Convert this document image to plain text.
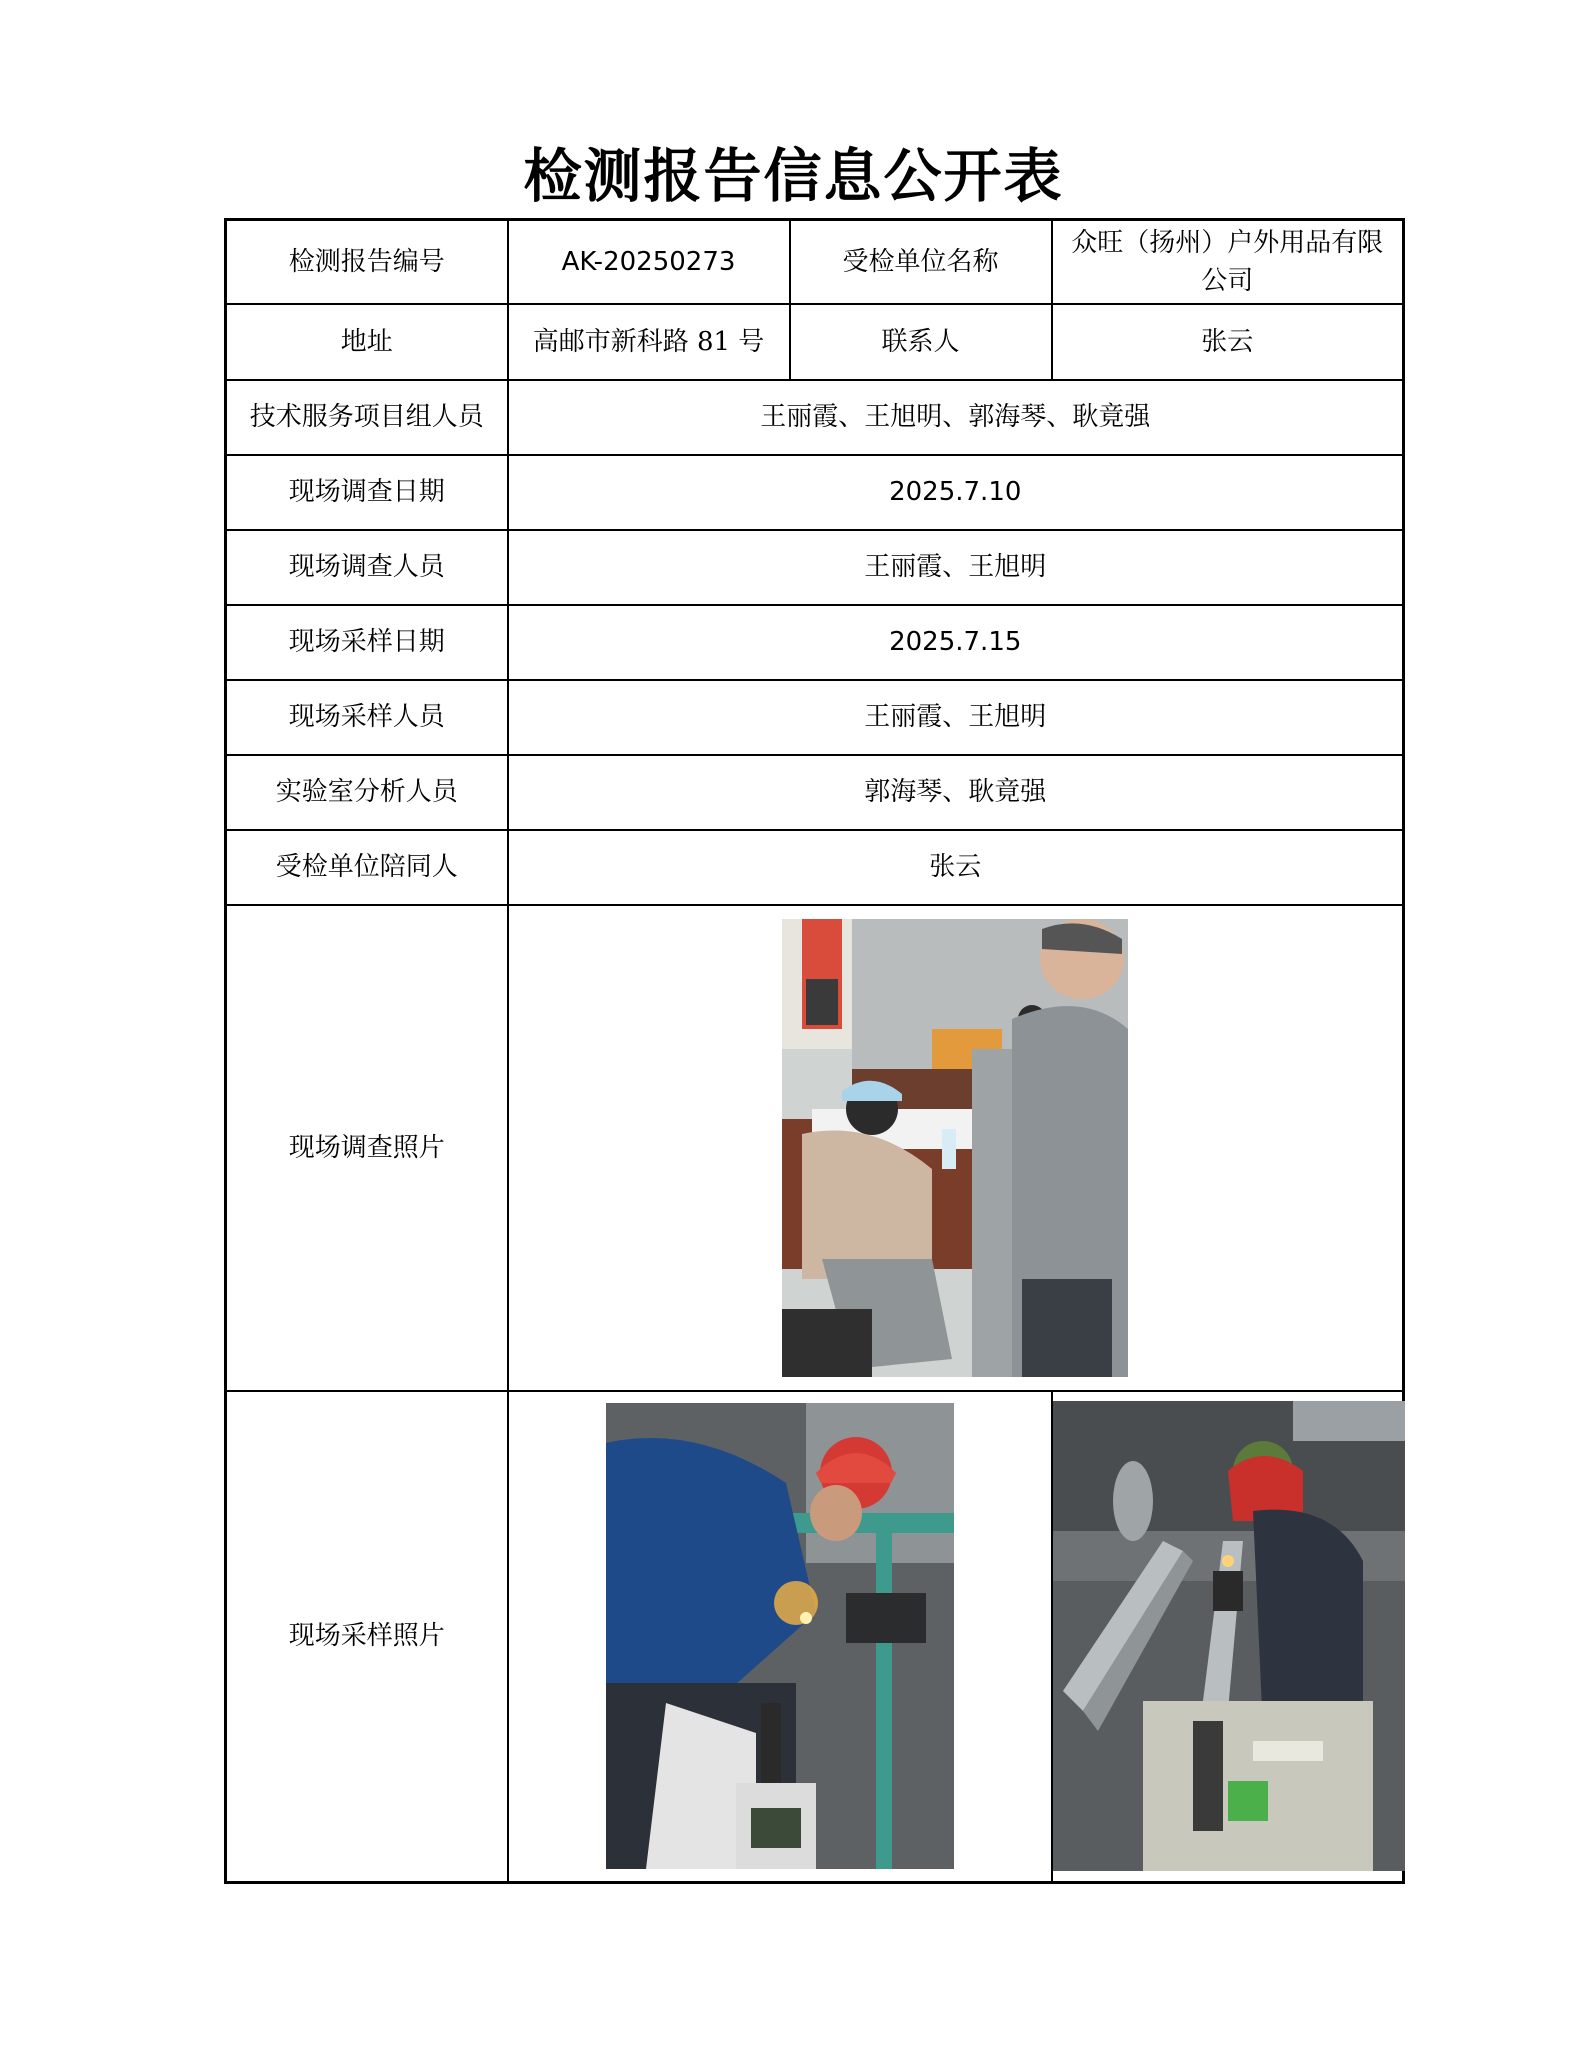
检测报告信息公开表
检测报告编号	AK-20250273	受检单位名称	众旺（扬州）户外用品有限公司
地址	高邮市新科路 81 号	联系人	张云
技术服务项目组人员	王丽霞、王旭明、郭海琴、耿竟强		
现场调查日期	2025.7.10		
现场调查人员	王丽霞、王旭明		
现场采样日期	2025.7.15		
现场采样人员	王丽霞、王旭明		
实验室分析人员	郭海琴、耿竟强		
受检单位陪同人	张云		
现场调查照片	

现场采样照片	
